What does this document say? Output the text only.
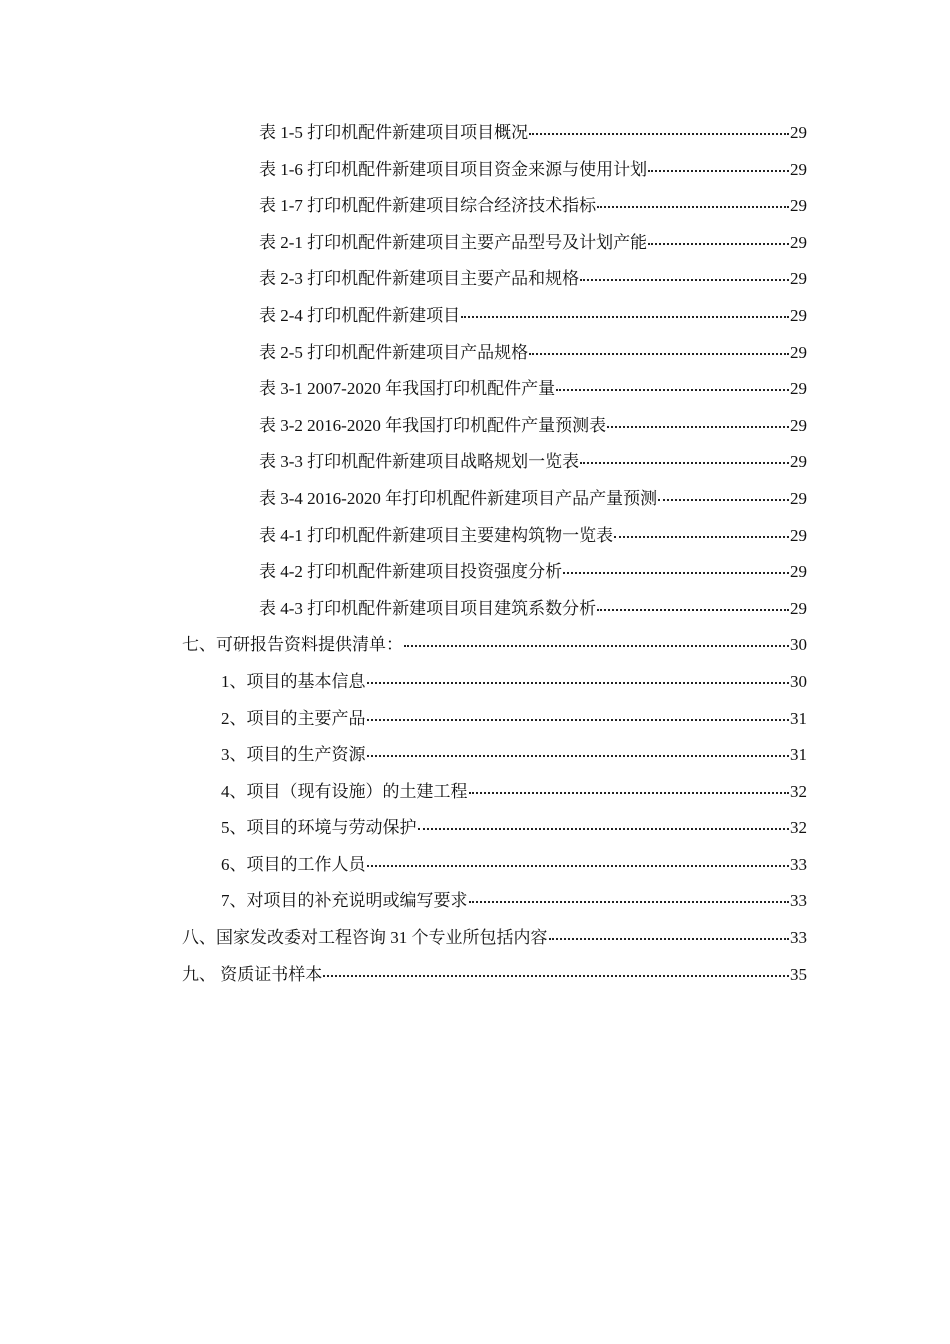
表 1-5 打印机配件新建项目项目概况	29
表 1-6 打印机配件新建项目项目资金来源与使用计划	29
表 1-7 打印机配件新建项目综合经济技术指标	29
表 2-1 打印机配件新建项目主要产品型号及计划产能	29
表 2-3 打印机配件新建项目主要产品和规格	29
表 2-4 打印机配件新建项目	29
表 2-5 打印机配件新建项目产品规格	29
表 3-1 2007-2020 年我国打印机配件产量	29
表 3-2 2016-2020 年我国打印机配件产量预测表	29
表 3-3 打印机配件新建项目战略规划一览表	29
表 3-4 2016-2020 年打印机配件新建项目产品产量预测	29
表 4-1 打印机配件新建项目主要建构筑物一览表	29
表 4-2 打印机配件新建项目投资强度分析	29
表 4-3 打印机配件新建项目项目建筑系数分析	29
七、可研报告资料提供清单：	30
1、项目的基本信息	30
2、项目的主要产品	31
3、项目的生产资源	31
4、项目（现有设施）的土建工程	32
5、项目的环境与劳动保护	32
6、项目的工作人员	33
7、对项目的补充说明或编写要求	33
八、国家发改委对工程咨询 31 个专业所包括内容	33
九、 资质证书样本	35
